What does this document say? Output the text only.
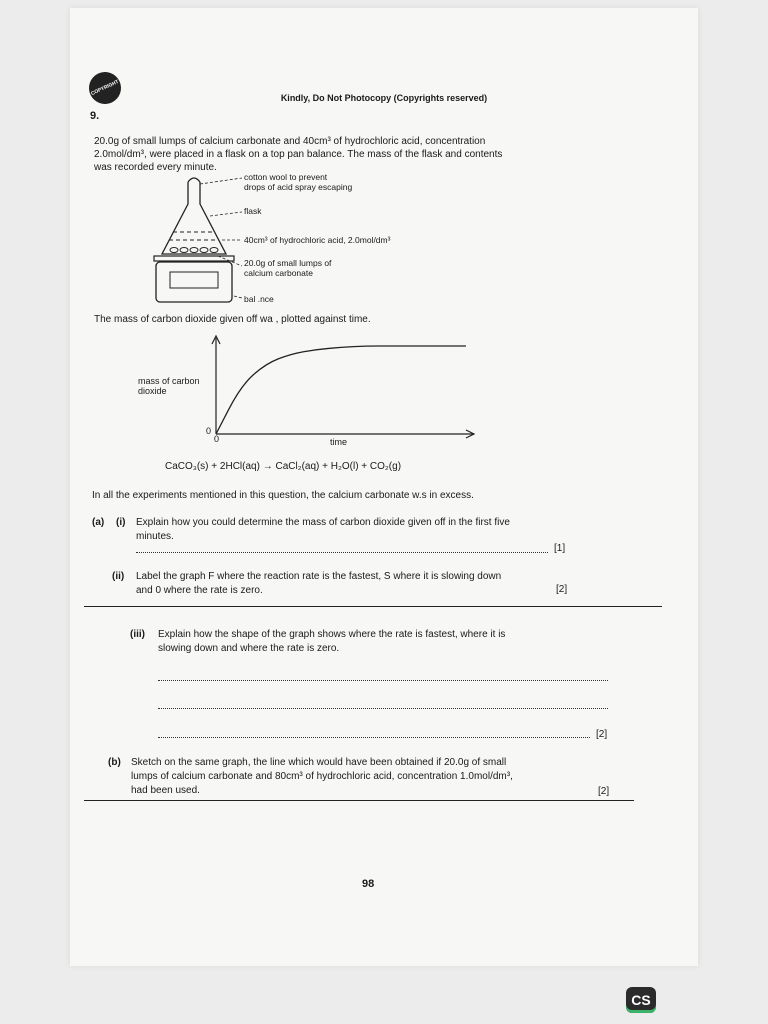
COPYRIGHT
Kindly, Do Not Photocopy (Copyrights reserved)
9.
20.0g of small lumps of calcium carbonate and 40cm³ of hydrochloric acid, concentration
2.0mol/dm³, were placed in a flask on a top pan balance. The mass of the flask and contents
was recorded every minute.
cotton wool to prevent
drops of acid spray escaping
flask
40cm³ of hydrochloric acid, 2.0mol/dm³
20.0g of small lumps of
calcium carbonate
bal .nce
The mass of carbon dioxide given off wa , plotted against time.
mass of carbon dioxide
0
0	time
CaCO₃(s) + 2HCl(aq) → CaCl₂(aq) + H₂O(l) + CO₂(g)
In all the experiments mentioned in this question, the calcium carbonate w.s in excess.
(a) (i) Explain how you could determine the mass of carbon dioxide given off in the first five
minutes.
[1]
(ii) Label the graph F where the reaction rate is the fastest, S where it is slowing down
and 0 where the rate is zero.	[2]
(iii) Explain how the shape of the graph shows where the rate is fastest, where it is
slowing down and where the rate is zero.
[2]
(b) Sketch on the same graph, the line which would have been obtained if 20.0g of small
lumps of calcium carbonate and 80cm³ of hydrochloric acid, concentration 1.0mol/dm³,
had been used.	[2]
98
CS
